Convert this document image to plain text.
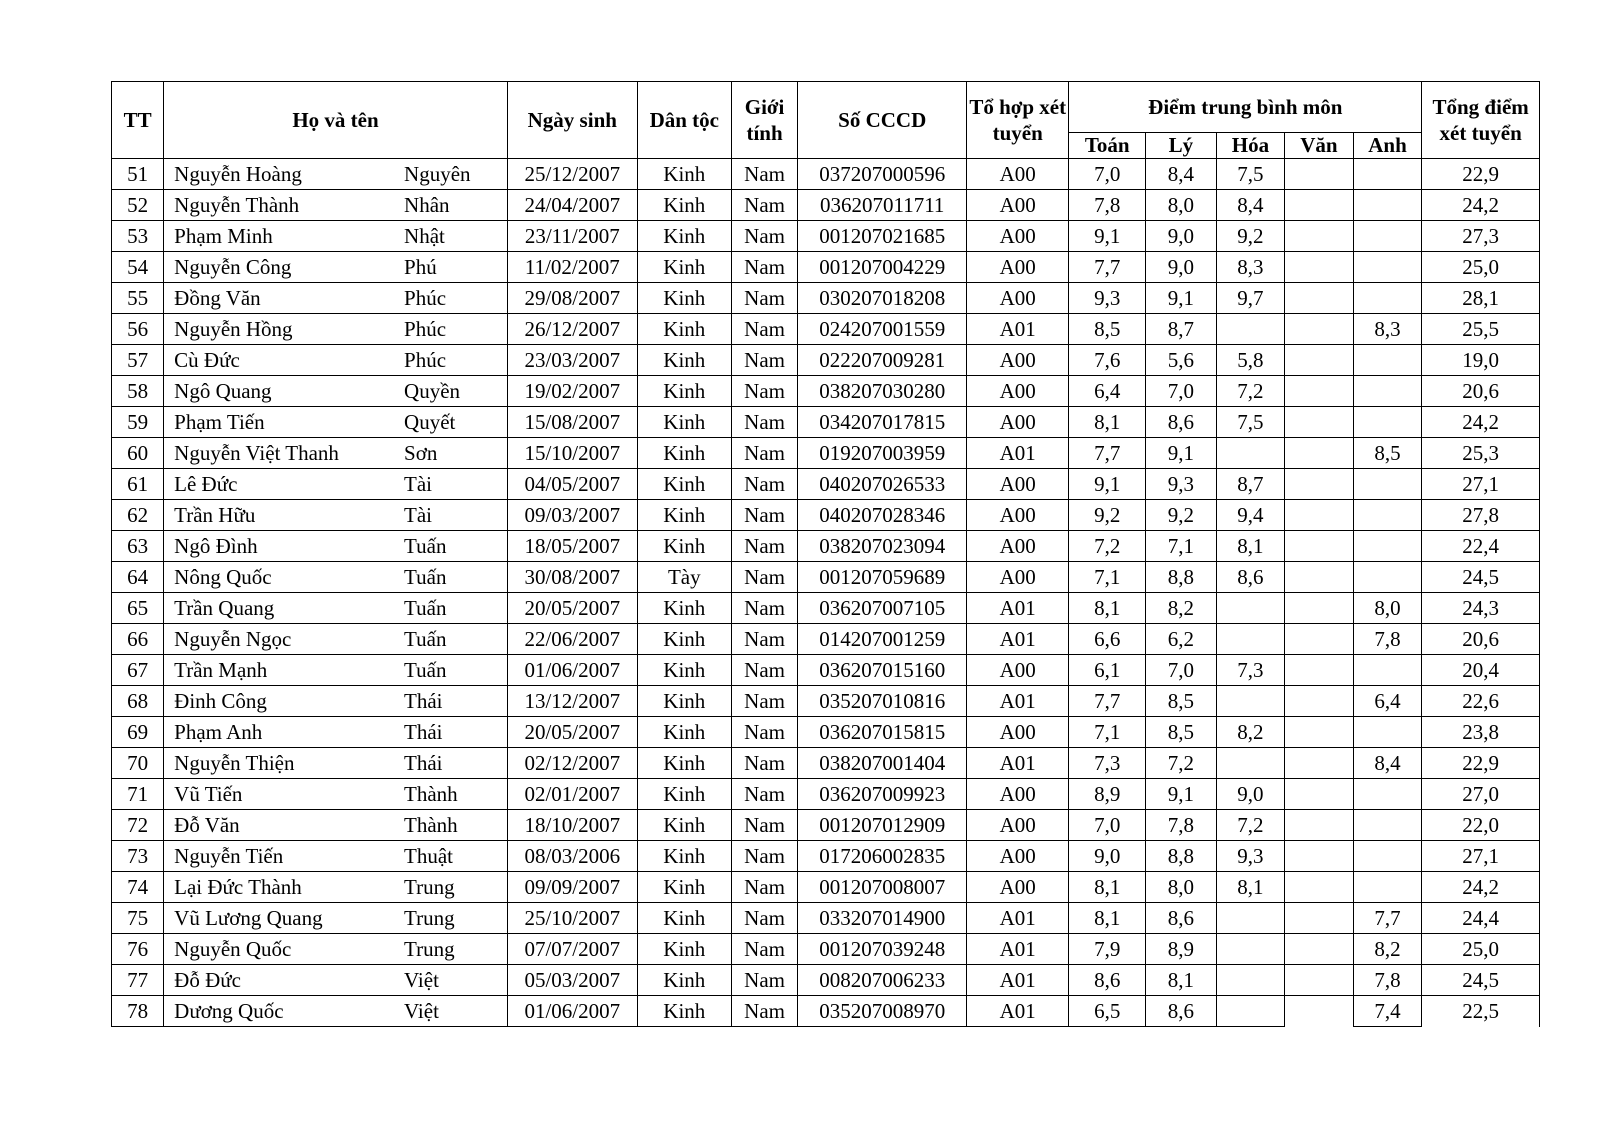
TT	Họ và tên		Ngày sinh	Dân tộc	Giới tính	Số CCCD	Tổ hợp xét tuyển	Điểm trung bình môn					Tổng điểm xét tuyển
								Toán	Lý	Hóa	Văn	Anh	
51	Nguyễn Hoàng	Nguyên	25/12/2007	Kinh	Nam	037207000596	A00	7,0	8,4	7,5			22,9
52	Nguyễn Thành	Nhân	24/04/2007	Kinh	Nam	036207011711	A00	7,8	8,0	8,4			24,2
53	Phạm Minh	Nhật	23/11/2007	Kinh	Nam	001207021685	A00	9,1	9,0	9,2			27,3
54	Nguyễn Công	Phú	11/02/2007	Kinh	Nam	001207004229	A00	7,7	9,0	8,3			25,0
55	Đồng Văn	Phúc	29/08/2007	Kinh	Nam	030207018208	A00	9,3	9,1	9,7			28,1
56	Nguyễn Hồng	Phúc	26/12/2007	Kinh	Nam	024207001559	A01	8,5	8,7			8,3	25,5
57	Cù Đức	Phúc	23/03/2007	Kinh	Nam	022207009281	A00	7,6	5,6	5,8			19,0
58	Ngô Quang	Quyền	19/02/2007	Kinh	Nam	038207030280	A00	6,4	7,0	7,2			20,6
59	Phạm Tiến	Quyết	15/08/2007	Kinh	Nam	034207017815	A00	8,1	8,6	7,5			24,2
60	Nguyễn Việt Thanh	Sơn	15/10/2007	Kinh	Nam	019207003959	A01	7,7	9,1			8,5	25,3
61	Lê Đức	Tài	04/05/2007	Kinh	Nam	040207026533	A00	9,1	9,3	8,7			27,1
62	Trần Hữu	Tài	09/03/2007	Kinh	Nam	040207028346	A00	9,2	9,2	9,4			27,8
63	Ngô Đình	Tuấn	18/05/2007	Kinh	Nam	038207023094	A00	7,2	7,1	8,1			22,4
64	Nông Quốc	Tuấn	30/08/2007	Tày	Nam	001207059689	A00	7,1	8,8	8,6			24,5
65	Trần Quang	Tuấn	20/05/2007	Kinh	Nam	036207007105	A01	8,1	8,2			8,0	24,3
66	Nguyễn Ngọc	Tuấn	22/06/2007	Kinh	Nam	014207001259	A01	6,6	6,2			7,8	20,6
67	Trần Mạnh	Tuấn	01/06/2007	Kinh	Nam	036207015160	A00	6,1	7,0	7,3			20,4
68	Đinh Công	Thái	13/12/2007	Kinh	Nam	035207010816	A01	7,7	8,5			6,4	22,6
69	Phạm Anh	Thái	20/05/2007	Kinh	Nam	036207015815	A00	7,1	8,5	8,2			23,8
70	Nguyễn Thiện	Thái	02/12/2007	Kinh	Nam	038207001404	A01	7,3	7,2			8,4	22,9
71	Vũ Tiến	Thành	02/01/2007	Kinh	Nam	036207009923	A00	8,9	9,1	9,0			27,0
72	Đỗ Văn	Thành	18/10/2007	Kinh	Nam	001207012909	A00	7,0	7,8	7,2			22,0
73	Nguyễn Tiến	Thuật	08/03/2006	Kinh	Nam	017206002835	A00	9,0	8,8	9,3			27,1
74	Lại Đức Thành	Trung	09/09/2007	Kinh	Nam	001207008007	A00	8,1	8,0	8,1			24,2
75	Vũ Lương Quang	Trung	25/10/2007	Kinh	Nam	033207014900	A01	8,1	8,6			7,7	24,4
76	Nguyễn Quốc	Trung	07/07/2007	Kinh	Nam	001207039248	A01	7,9	8,9			8,2	25,0
77	Đỗ Đức	Việt	05/03/2007	Kinh	Nam	008207006233	A01	8,6	8,1			7,8	24,5
78	Dương Quốc	Việt	01/06/2007	Kinh	Nam	035207008970	A01	6,5	8,6			7,4	22,5
